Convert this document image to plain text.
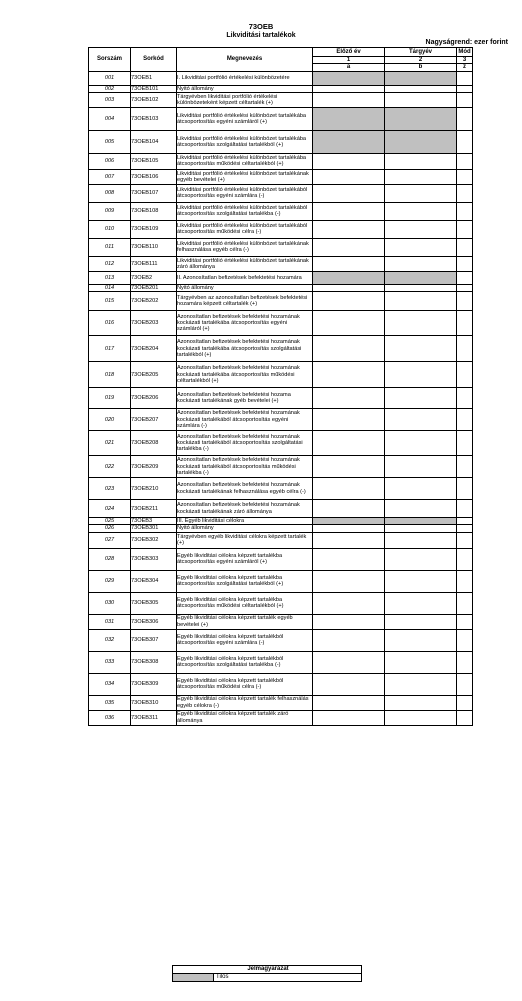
73OEB
Likviditási tartalékok
Nagyságrend: ezer forint
Sorszám	Sorkód	Megnevezés	Előző év	Tárgyév	Mód
			1	2	3
			a	b	z
001	73OEB1	I. Likviditási portfólió értékelési különbözetére			
002	73OEB101	Nyitó állomány			
003	73OEB102	Tárgyévben likviditási portfólió értékelési különbözeteként képzett céltartalék (+)			
004	73OEB103	Likviditási portfólió értékelési különbözet tartalékába átcsoportosítás egyéni számláról (+)			
005	73OEB104	Likviditási portfólió értékelési különbözet tartalékába átcsoportosítás szolgáltatási tartalékból (+)			
006	73OEB105	Likviditási portfólió értékelési különbözet tartalékába átcsoportosítás működési céltartalékból (+)			
007	73OEB106	Likviditási portfólió értékelési különbözet tartalékának egyéb bevételei (+)			
008	73OEB107	Likviditási portfólió értékelési különbözet tartalékából átcsoportosítás egyéni számlára (-)			
009	73OEB108	Likviditási portfólió értékelési különbözet tartalékából átcsoportosítás szolgáltatási tartalékba (-)			
010	73OEB109	Likviditási portfólió értékelési különbözet tartalékából átcsoportosítás működési célra (-)			
011	73OEB110	Likviditási portfólió értékelési különbözet tartalékának felhasználása egyéb célra (-)			
012	73OEB111	Likviditási portfólió értékelési különbözet tartalékának záró állománya			
013	73OEB2	II. Azonosítatlan befizetések befektetési hozamára			
014	73OEB201	Nyitó állomány			
015	73OEB202	Tárgyévben az azonosítatlan befizetések befektetési hozamára képzett céltartalék (+)			
016	73OEB203	Azonosítatlan befizetések befektetési hozamának kockázati tartalékába átcsoportosítás egyéni számláról (+)			
017	73OEB204	Azonosítatlan befizetések befektetési hozamának kockázati tartalékába átcsoportosítás szolgáltatási tartalékból (+)			
018	73OEB205	Azonosítatlan befizetések befektetési hozamának kockázati tartalékába átcsoportosítás működési céltartalékból (+)			
019	73OEB206	Azonosítatlan befizetések befektetési hozama kockázati tartalékának gyéb bevételei (+)			
020	73OEB207	Azonosítatlan befizetések befektetési hozamának kockázati tartalékából átcsoportosítás egyéni számlára (-)			
021	73OEB208	Azonosítatlan befizetések befektetési hozamának kockázati tartalékából átcsoportosítás szolgáltatási tartalékba (-)			
022	73OEB209	Azonosítatlan befizetések befektetési hozamának kockázati tartalékából átcsoportosítás működési tartalékba (-)			
023	73OEB210	Azonosítatlan befizetések befektetési hozamának kockázati tartalékának felhasználása egyéb célra (-)			
024	73OEB211	Azonosítatlan befizetések befektetési hozamának kockázati tartalékának záró állománya			
025	73OEB3	III. Egyéb likviditási célokra			
026	73OEB301	Nyitó állomány			
027	73OEB302	Tárgyévben egyéb likviditási célokra képzett tartalék (+)			
028	73OEB303	Egyéb likviditási célokra képzett tartalékba átcsoportosítás egyéni számláról (+)			
029	73OEB304	Egyéb likviditási célokra képzett tartalékba átcsoportosítás szolgáltatási tartalékból (+)			
030	73OEB305	Egyéb likviditási célokra képzett tartalékba átcsoportosítás működési céltartalékból (+)			
031	73OEB306	Egyéb likviditási célokra képzett tartalék egyéb bevételei (+)			
032	73OEB307	Egyéb likviditási célokra képzett tartalékból átcsoportosítás egyéni számlára (-)			
033	73OEB308	Egyéb likviditási célokra képzett tartalékból átcsoportosítás szolgáltatási tartalékba (-)			
034	73OEB309	Egyéb likviditási célokra képzett tartalékból átcsoportosítás működési célra (-)			
035	73OEB310	Egyéb likviditási célokra képzett tartalék felhasználás egyéb célokra (-)			
036	73OEB311	Egyéb likviditási célokra képzett tartalék záró állománya			
Jelmagyarázat
	Tilos
